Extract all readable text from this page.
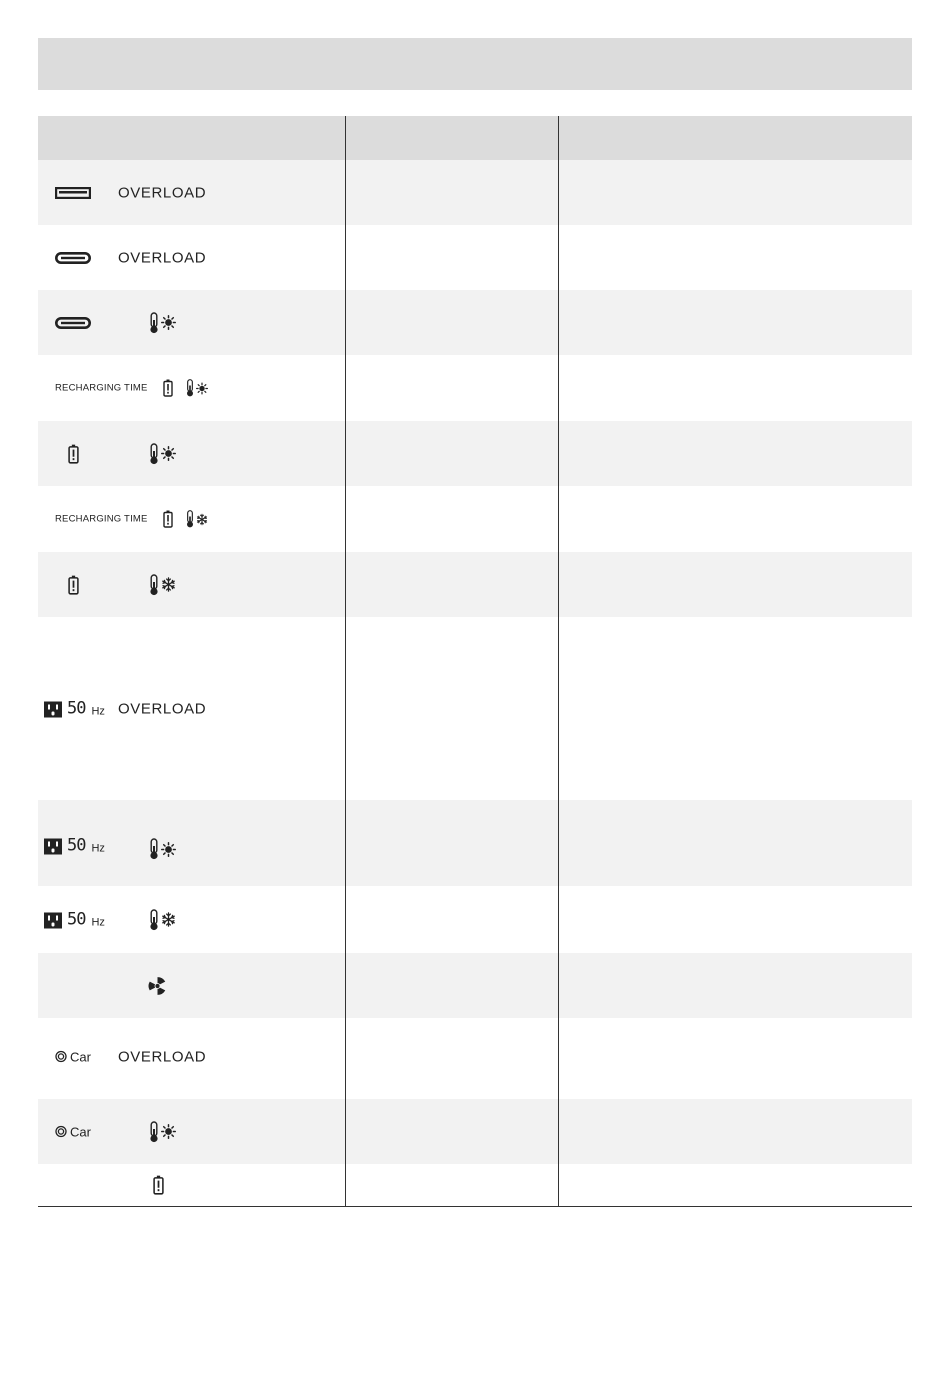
OVERLOAD
OVERLOAD
RECHARGING TIME
RECHARGING TIME
50 Hz OVERLOAD
50 Hz
50 Hz
Car OVERLOAD
Car
